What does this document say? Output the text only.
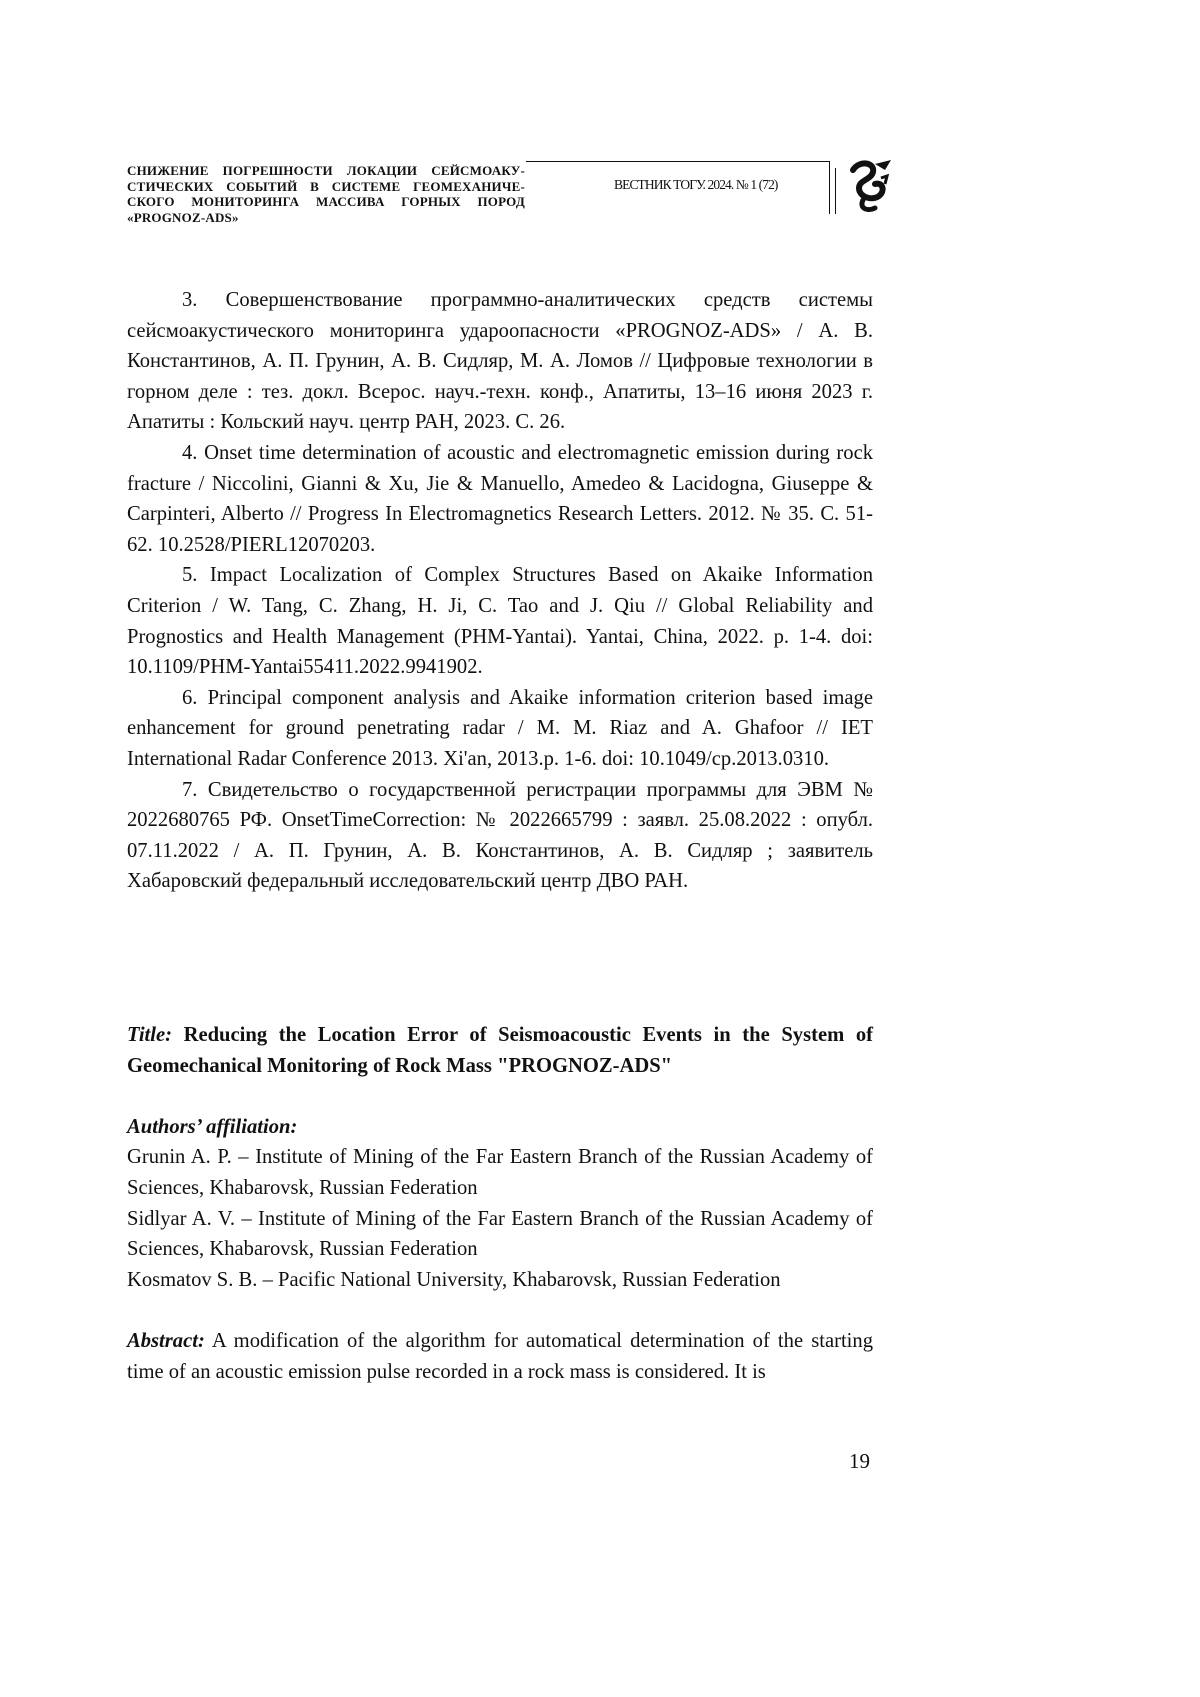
СНИЖЕНИЕ ПОГРЕШНОСТИ ЛОКАЦИИ СЕЙСМОАКУ-СТИЧЕСКИХ СОБЫТИЙ В СИСТЕМЕ ГЕОМЕХАНИЧЕ-СКОГО МОНИТОРИНГА МАССИВА ГОРНЫХ ПОРОД «PROGNOZ-ADS»
ВЕСТНИК ТОГУ. 2024. № 1 (72)

3. Совершенствование программно-аналитических средств системы сейсмоакустического мониторинга удароопасности «PROGNOZ-ADS» / А. В. Константинов, А. П. Грунин, А. В. Сидляр, М. А. Ломов // Цифровые технологии в горном деле : тез. докл. Всерос. науч.-техн. конф., Апатиты, 13–16 июня 2023 г. Апатиты : Кольский науч. центр РАН, 2023. С. 26.

4. Onset time determination of acoustic and electromagnetic emission during rock fracture / Niccolini, Gianni & Xu, Jie & Manuello, Amedeo & Lacidogna, Giuseppe & Carpinteri, Alberto // Progress In Electromagnetics Research Letters. 2012. № 35. С. 51-62. 10.2528/PIERL12070203.

5. Impact Localization of Complex Structures Based on Akaike Information Criterion / W. Tang, C. Zhang, H. Ji, C. Tao and J. Qiu // Global Reliability and Prognostics and Health Management (PHM-Yantai). Yantai, China, 2022. p. 1-4. doi: 10.1109/PHM-Yantai55411.2022.9941902.

6. Principal component analysis and Akaike information criterion based image enhancement for ground penetrating radar / M. M. Riaz and A. Ghafoor // IET International Radar Conference 2013. Xi'an, 2013.p. 1-6. doi: 10.1049/cp.2013.0310.

7. Свидетельство о государственной регистрации программы для ЭВМ № 2022680765 РФ. OnsetTimeCorrection: № 2022665799 : заявл. 25.08.2022 : опубл. 07.11.2022 / А. П. Грунин, А. В. Константинов, А. В. Сидляр ; заявитель Хабаровский федеральный исследовательский центр ДВО РАН.

Title: Reducing the Location Error of Seismoacoustic Events in the System of Geomechanical Monitoring of Rock Mass "PROGNOZ-ADS"

Authors’ affiliation:

Grunin A. P. – Institute of Mining of the Far Eastern Branch of the Russian Academy of Sciences, Khabarovsk, Russian Federation

Sidlyar A. V. – Institute of Mining of the Far Eastern Branch of the Russian Academy of Sciences, Khabarovsk, Russian Federation

Kosmatov S. B. – Pacific National University, Khabarovsk, Russian Federation

Abstract: A modification of the algorithm for automatical determination of the starting time of an acoustic emission pulse recorded in a rock mass is considered. It is

19
